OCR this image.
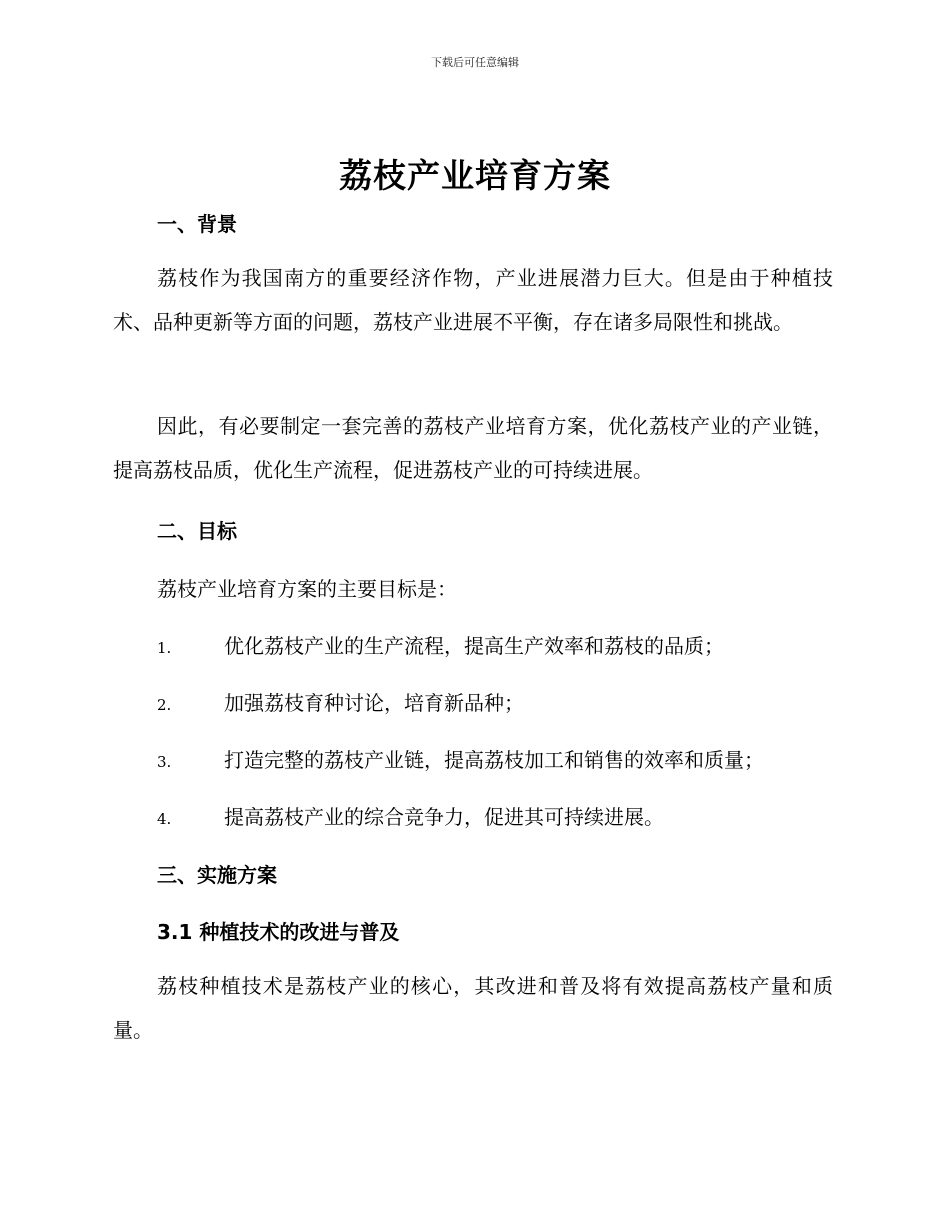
下载后可任意编辑
荔枝产业培育方案
一、背景
荔枝作为我国南方的重要经济作物，产业进展潜力巨大。但是由于种植技术、品种更新等方面的问题，荔枝产业进展不平衡，存在诸多局限性和挑战。
因此，有必要制定一套完善的荔枝产业培育方案，优化荔枝产业的产业链，提高荔枝品质，优化生产流程，促进荔枝产业的可持续进展。
二、目标
荔枝产业培育方案的主要目标是：
1.	优化荔枝产业的生产流程，提高生产效率和荔枝的品质；
2.	加强荔枝育种讨论，培育新品种；
3.	打造完整的荔枝产业链，提高荔枝加工和销售的效率和质量；
4.	提高荔枝产业的综合竞争力，促进其可持续进展。
三、实施方案
3.1 种植技术的改进与普及
荔枝种植技术是荔枝产业的核心，其改进和普及将有效提高荔枝产量和质量。
